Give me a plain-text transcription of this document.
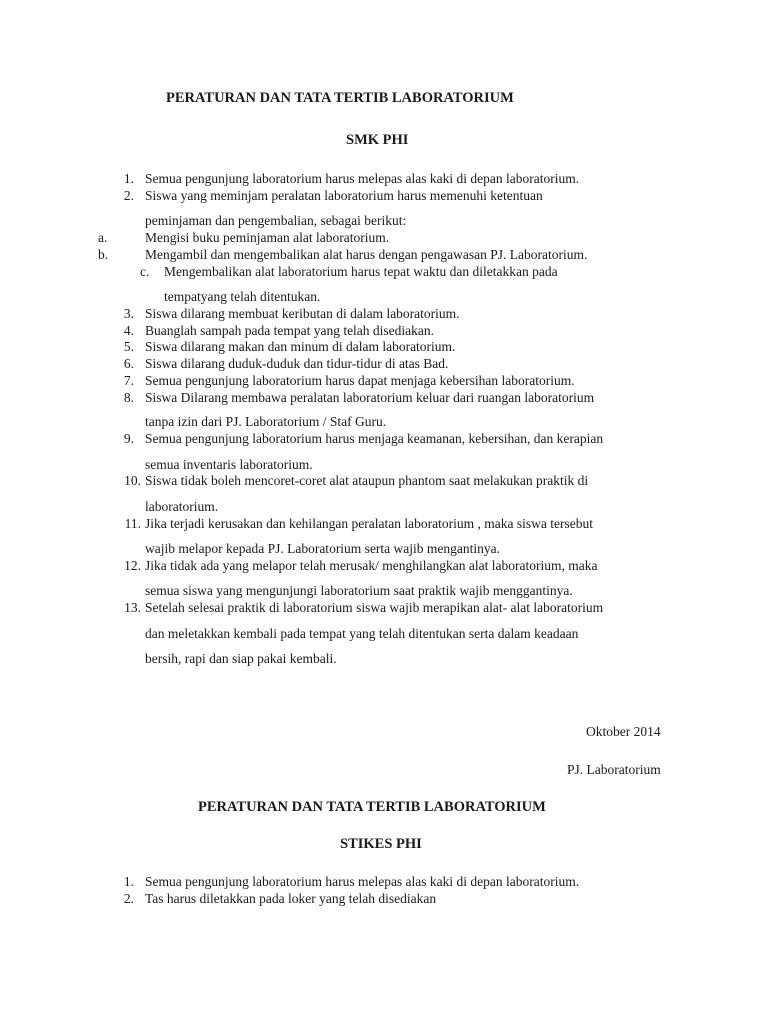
PERATURAN DAN TATA TERTIB LABORATORIUM
SMK PHI
1. Semua pengunjung laboratorium harus melepas alas kaki di depan laboratorium.
2. Siswa yang meminjam peralatan laboratorium harus memenuhi ketentuan
peminjaman dan pengembalian, sebagai berikut:
a.	Mengisi buku peminjaman alat laboratorium.
b.	Mengambil dan mengembalikan alat harus dengan pengawasan PJ. Laboratorium.
c. Mengembalikan alat laboratorium harus tepat waktu dan diletakkan pada
tempatyang telah ditentukan.
3. Siswa dilarang membuat keributan di dalam laboratorium.
4. Buanglah sampah pada tempat yang telah disediakan.
5. Siswa dilarang makan dan minum di dalam laboratorium.
6. Siswa dilarang duduk-duduk dan tidur-tidur di atas Bad.
7. Semua pengunjung laboratorium harus dapat menjaga kebersihan laboratorium.
8. Siswa Dilarang membawa peralatan laboratorium keluar dari ruangan laboratorium
tanpa izin dari PJ. Laboratorium / Staf Guru.
9. Semua pengunjung laboratorium harus menjaga keamanan, kebersihan, dan kerapian
semua inventaris laboratorium.
10. Siswa tidak boleh mencoret-coret alat ataupun phantom saat melakukan praktik di
laboratorium.
11. Jika terjadi kerusakan dan kehilangan peralatan laboratorium , maka siswa tersebut
wajib melapor kepada PJ. Laboratorium serta wajib mengantinya.
12. Jika tidak ada yang melapor telah merusak/ menghilangkan alat laboratorium, maka
semua siswa yang mengunjungi laboratorium saat praktik wajib menggantinya.
13. Setelah selesai praktik di laboratorium siswa wajib merapikan alat- alat laboratorium
dan meletakkan kembali pada tempat yang telah ditentukan serta dalam keadaan
bersih, rapi dan siap pakai kembali.
Oktober 2014
PJ. Laboratorium
PERATURAN DAN TATA TERTIB LABORATORIUM
STIKES PHI
1. Semua pengunjung laboratorium harus melepas alas kaki di depan laboratorium.
2. Tas harus diletakkan pada loker yang telah disediakan
